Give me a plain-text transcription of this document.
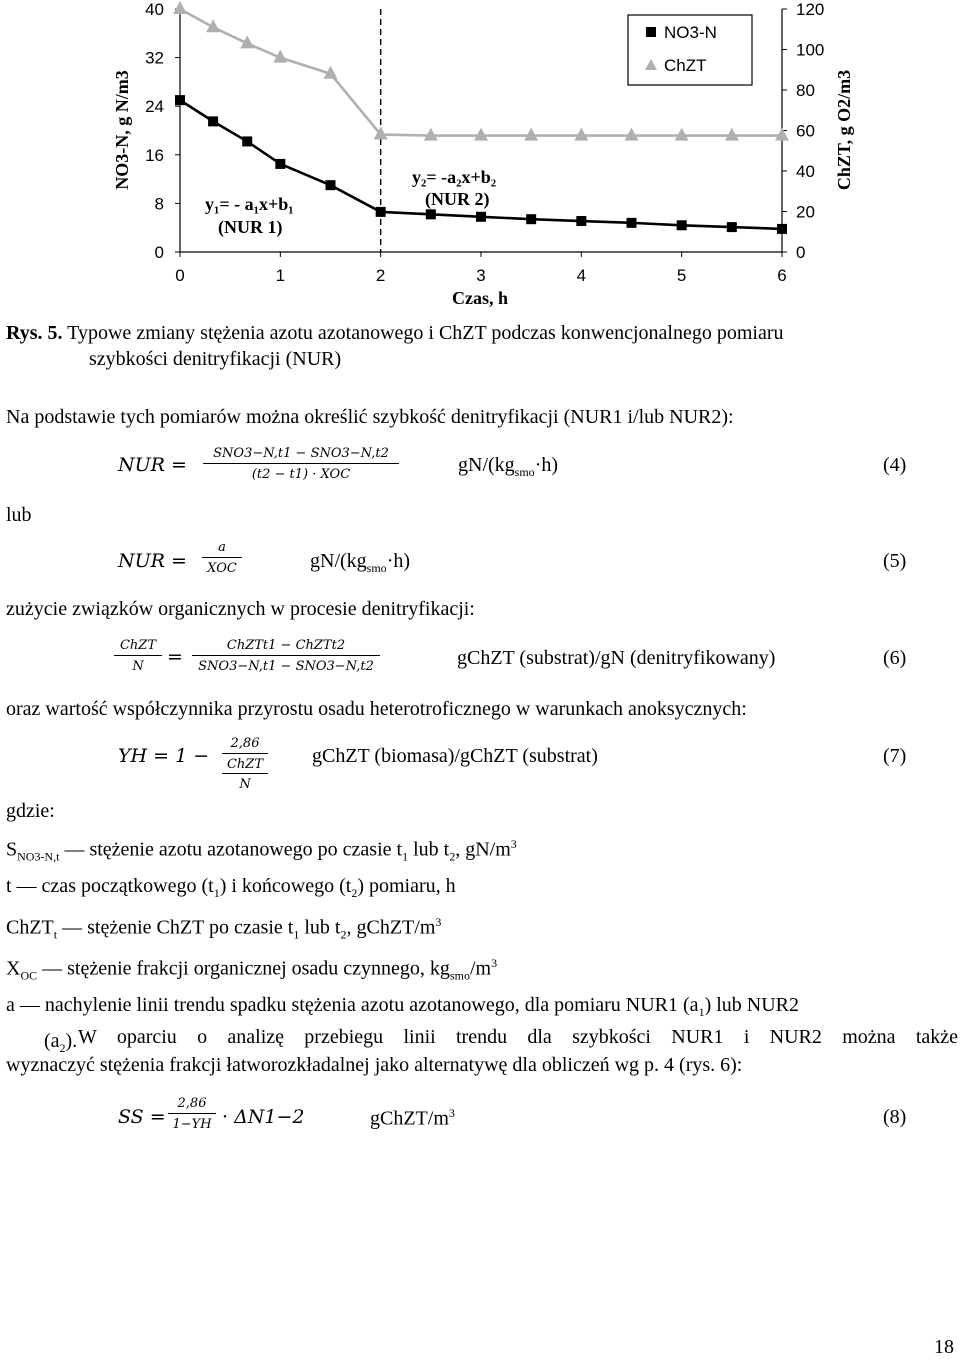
0	1	2	3	4	5	6
0
8
16
24
32
40
0
20
40
60
80
100
120
Czas, h
NO3-N, g N/m3	ChZT, g O2/m3
NO3-N
ChZT
y₁= - a₁x+b₁
(NUR 1)
y₂= -a₂x+b₂
(NUR 2)
Rys. 5. Typowe zmiany stężenia azotu azotanowego i ChZT podczas konwencjonalnego pomiaru
szybkości denitryfikacji (NUR)
Na podstawie tych pomiarów można określić szybkość denitryfikacji (NUR1 i/lub NUR2):
NUR =
SNO3−N,t1 − SNO3−N,t2
(t2 − t1) · XOC	$gN/(kg_{smo}\cdot h)$	(4)
lub
NUR =
a
XOC	$gN/(kg_{smo}\cdot h)$	(5)
zużycie związków organicznych w procesie denitryfikacji:
ChZT
N	=
ChZTt1 − ChZTt2
SNO3−N,t1 − SNO3−N,t2	gChZT (substrat)/gN (denitryfikowany)	(6)
oraz wartość współczynnika przyrostu osadu heterotroficznego w warunkach anoksycznych:
YH = 1 −
2,86
ChZT
N
gChZT (biomasa)/gChZT (substrat)	(7)
gdzie:
$S_{NO3-N,t}$ — stężenie azotu azotanowego po czasie $t_1$ lub $t_2$, $gN/m^3$
t — czas początkowego $(t_1)$ i końcowego $(t_2)$ pomiaru, h
ChZT$_t$ — stężenie ChZT po czasie $t_1$ lub $t_2$, gChZT/$m^3$
$X_{OC}$ — stężenie frakcji organicznej osadu czynnego, $kg_{smo}/m^3$
a — nachylenie linii trendu spadku stężenia azotu azotanowego, dla pomiaru NUR1 $(a_1)$ lub NUR2
$(a_2)$. W oparciu o analizę przebiegu linii trendu dla szybkości NUR1 i NUR2 można także
wyznaczyć stężenia frakcji łatworozkładalnej jako alternatywę dla obliczeń wg p. 4 (rys. 6):
SS = $\frac{2,86}{1-YH} \cdot \Delta N1-2$	gChZT/$m^3$	(8)
18
